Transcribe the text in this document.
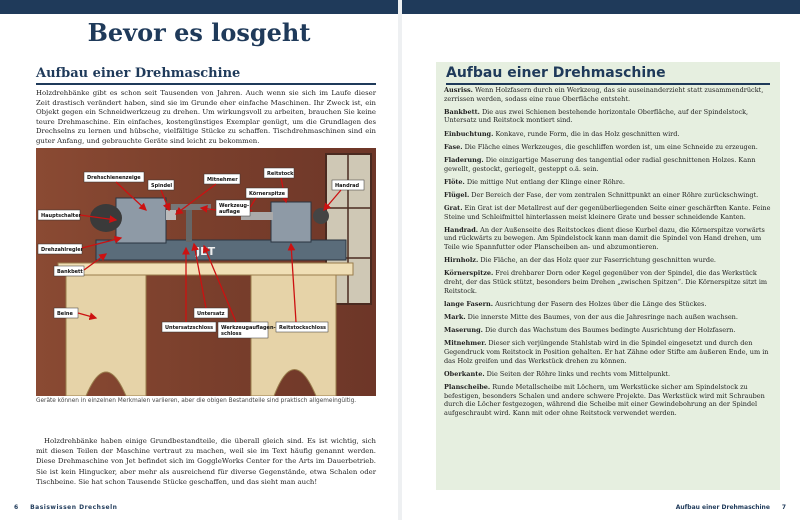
Bevor es losgeht
Aufbau einer Drehmaschine

Holzdrehbänke gibt es schon seit Tausenden von Jahren. Auch wenn sie sich im Laufe dieser Zeit drastisch verändert haben, sind sie im Grunde eher einfache Maschinen. Ihr Zweck ist, ein Objekt gegen ein Schneidwerkzeug zu drehen. Um wirkungsvoll zu arbeiten, brauchen Sie keine teure Drehmaschine. Ein einfaches, kostengünstiges Exemplar genügt, um die Grundlagen des Drechselns zu lernen und hübsche, vielfältige Stücke zu schaffen. Tischdrehmaschinen sind ein guter Anfang, und gebrauchte Geräte sind leicht zu bekommen.

JET
Drehschienenzeige
Spindel
Mitnehmer
Reitstock
Körnerspitze
Werkzeug-auflage
Handrad
Hauptschalter
Drehzahlregler
Bankbett
Beine	Untersatz
Untersatzschloss Werkzeugauflagen-schloss
Reitstockschloss
Geräte können in einzelnen Merkmalen variieren, aber die obigen Bestandteile sind praktisch allgemeingültig.

Holzdrehbänke haben einige Grundbestandteile, die überall gleich sind. Es ist wichtig, sich mit diesen Teilen der Maschine vertraut zu machen, weil sie im Text häufig genannt werden. Diese Drehmaschine von Jet befindet sich im GoggleWorks Center for the Arts im Dauerbetrieb. Sie ist kein Hingucker, aber mehr als ausreichend für diverse Gegenstände, etwa Schalen oder Tischbeine. Sie hat schon Tausende Stücke geschaffen, und das sieht man auch!

6 Basiswissen Drechseln
Aufbau einer Drehmaschine

Ausriss. Wenn Holzfasern durch ein Werkzeug, das sie auseinanderzieht statt zusammendrückt, zerrissen werden, sodass eine raue Oberfläche entsteht.

Bankbett. Die aus zwei Schienen bestehende horizontale Oberfläche, auf der Spindelstock, Untersatz und Reitstock montiert sind.

Einbuchtung. Konkave, runde Form, die in das Holz geschnitten wird.

Fase. Die Fläche eines Werkzeuges, die geschliffen worden ist, um eine Schneide zu erzeugen.

Fladerung. Die einzigartige Maserung des tangential oder radial geschnittenen Holzes. Kann gewellt, gestockt, geriegelt, gesteppt o.ä. sein.

Flöte. Die mittige Nut entlang der Klinge einer Röhre.

Flügel. Der Bereich der Fase, der vom zentralen Schnittpunkt an einer Röhre zurückschwingt.

Grat. Ein Grat ist der Metallrest auf der gegenüberliegenden Seite einer geschärften Kante. Feine Steine und Schleifmittel hinterlassen meist kleinere Grate und besser schneidende Kanten.

Handrad. An der Außenseite des Reitstockes dient diese Kurbel dazu, die Körnerspitze vorwärts und rückwärts zu bewegen. Am Spindelstock kann man damit die Spindel von Hand drehen, um Teile wie Spannfutter oder Planscheiben an- und abzumontieren.

Hirnholz. Die Fläche, an der das Holz quer zur Faserrichtung geschnitten wurde.

Körnerspitze. Frei drehbarer Dorn oder Kegel gegenüber von der Spindel, die das Werkstück dreht, der das Stück stützt, besonders beim Drehen „zwischen Spitzen“. Die Körnerspitze sitzt im Reitstock.

lange Fasern. Ausrichtung der Fasern des Holzes über die Länge des Stückes.

Mark. Die innerste Mitte des Baumes, von der aus die Jahresringe nach außen wachsen.

Maserung. Die durch das Wachstum des Baumes bedingte Ausrichtung der Holzfasern.

Mitnehmer. Dieser sich verjüngende Stahlstab wird in die Spindel eingesetzt und durch den Gegendruck vom Reitstock in Position gehalten. Er hat Zähne oder Stifte am äußeren Ende, um in das Holz greifen und das Werkstück drehen zu können.

Oberkante. Die Seiten der Röhre links und rechts vom Mittelpunkt.

Planscheibe. Runde Metallscheibe mit Löchern, um Werkstücke sicher am Spindelstock zu befestigen, besonders Schalen und andere schwere Projekte. Das Werkstück wird mit Schrauben durch die Löcher festgezogen, während die Scheibe mit einer Gewindebohrung an der Spindel aufgeschraubt wird. Kann mit oder ohne Reitstock verwendet werden.

Aufbau einer Drehmaschine 7
